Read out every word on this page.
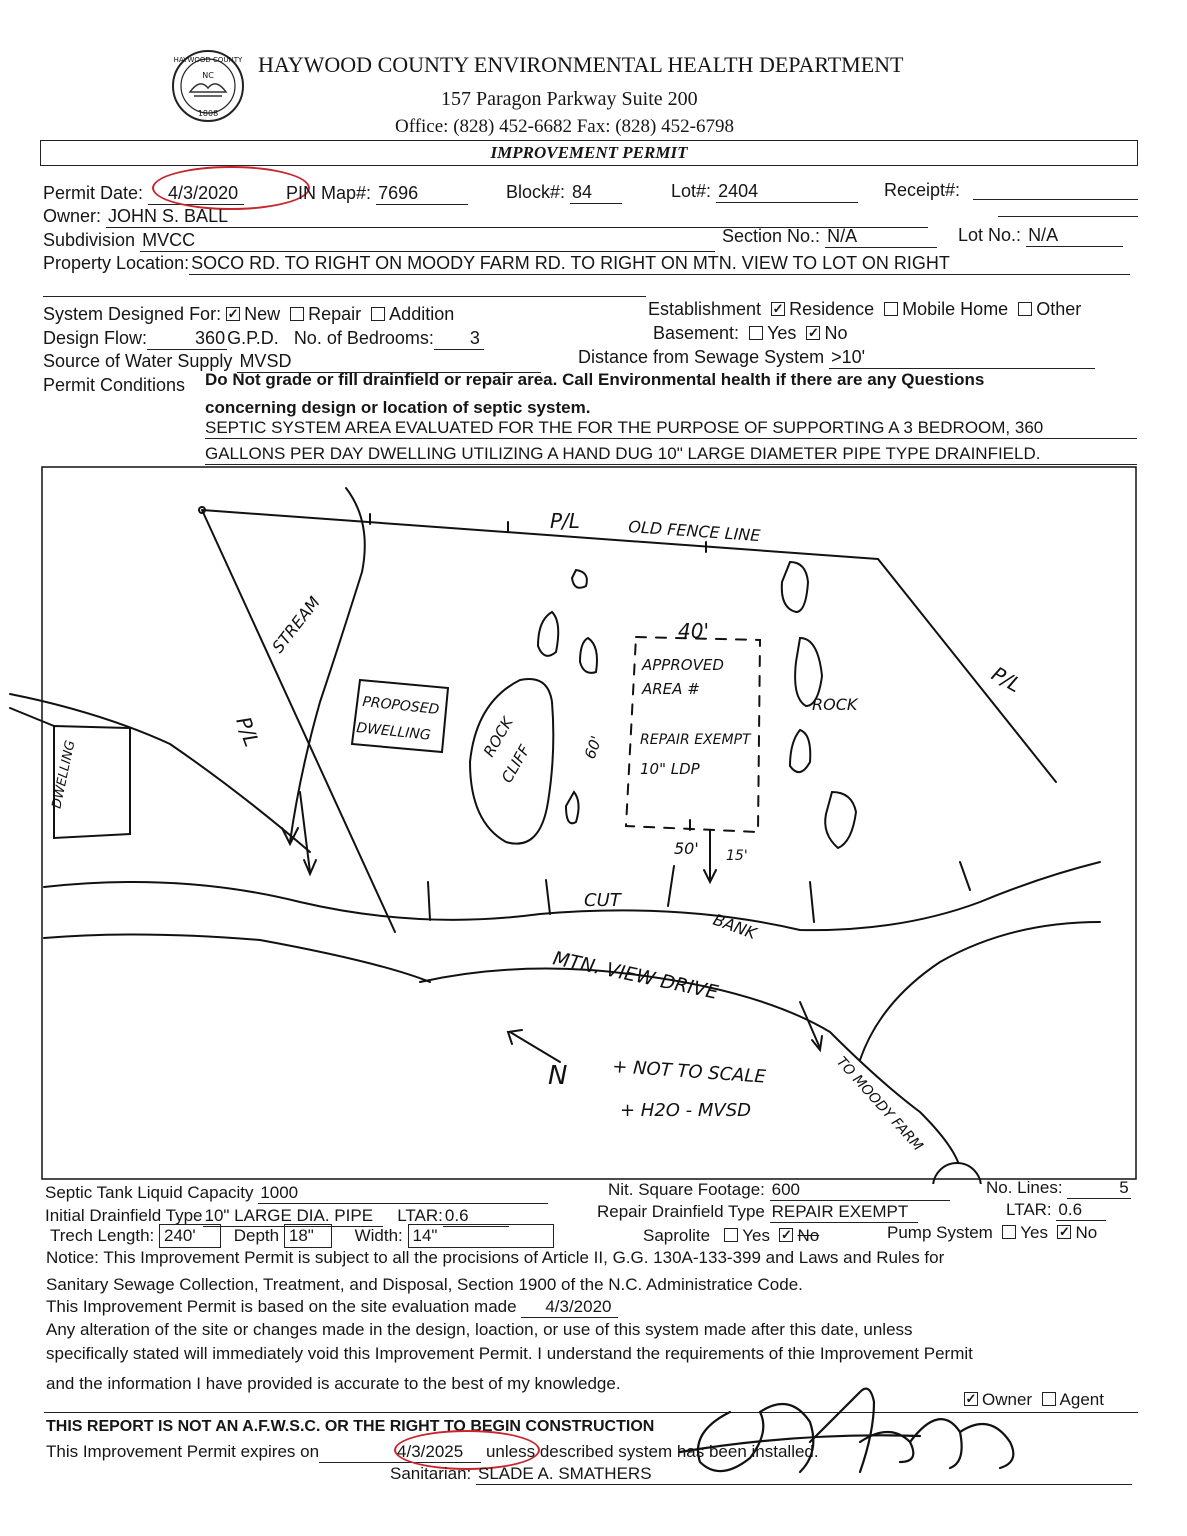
HAYWOOD COUNTY
NC
1808
HAYWOOD COUNTY ENVIRONMENTAL HEALTH DEPARTMENT
157 Paragon Parkway Suite 200
Office: (828) 452-6682 Fax: (828) 452-6798
IMPROVEMENT PERMIT
Permit Date: 4/3/2020	PIN Map#: 7696	Block#: 84	Lot#: 2404	Receipt#:
Owner: JOHN S. BALL
Subdivision MVCC	Section No.: N/A	Lot No.: N/A
Property Location: SOCO RD. TO RIGHT ON MOODY FARM RD. TO RIGHT ON MTN. VIEW TO LOT ON RIGHT
System Designed For: ✓ New Repair Addition	Establishment ✓ Residence Mobile Home Other
Design Flow:	360 G.P.D. No. of Bedrooms: 3	Basement: Yes ✓ No
Source of Water Supply MVSD	Distance from Sewage System >10'
Permit Conditions Do Not grade or fill drainfield or repair area. Call Environmental health if there are any Questions
concerning design or location of septic system.
SEPTIC SYSTEM AREA EVALUATED FOR THE FOR THE PURPOSE OF SUPPORTING A 3 BEDROOM, 360
GALLONS PER DAY DWELLING UTILIZING A HAND DUG 10" LARGE DIAMETER PIPE TYPE DRAINFIELD.
P/L	OLD FENCE LINE
STREAM
P/L
DWELLING
PROPOSED
DWELLING	ROCK
CLIFF
40'
APPROVED
AREA #
REPAIR EXEMPT
10" LDP
60'
ROCK
P/L
50' 15'
CUT
BANK
MTN. VIEW DRIVE
N + NOT TO SCALE
+ H2O - MVSD	TO MOODY FARM
Septic Tank Liquid Capacity 1000	Nit. Square Footage: 600	No. Lines:	5
Initial Drainfield Type 10" LARGE DIA. PIPE LTAR: 0.6	Repair Drainfield Type REPAIR EXEMPT	LTAR: 0.6
Trech Length: 240' Depth 18" Width: 14"	Saprolite Yes ✓ No	Pump System Yes ✓ No
Notice: This Improvement Permit is subject to all the procisions of Article II, G.G. 130A-133-399 and Laws and Rules for
Sanitary Sewage Collection, Treatment, and Disposal, Section 1900 of the N.C. Administratice Code.
This Improvement Permit is based on the site evaluation made 4/3/2020
Any alteration of the site or changes made in the design, loaction, or use of this system made after this date, unless
specifically stated will immediately void this Improvement Permit. I understand the requirements of thie Improvement Permit
and the information I have provided is accurate to the best of my knowledge.
✓Owner Agent
THIS REPORT IS NOT AN A.F.W.S.C. OR THE RIGHT TO BEGIN CONSTRUCTION
This Improvement Permit expires on	4/3/2025 unless described system has been installed.
Sanitarian: SLADE A. SMATHERS
